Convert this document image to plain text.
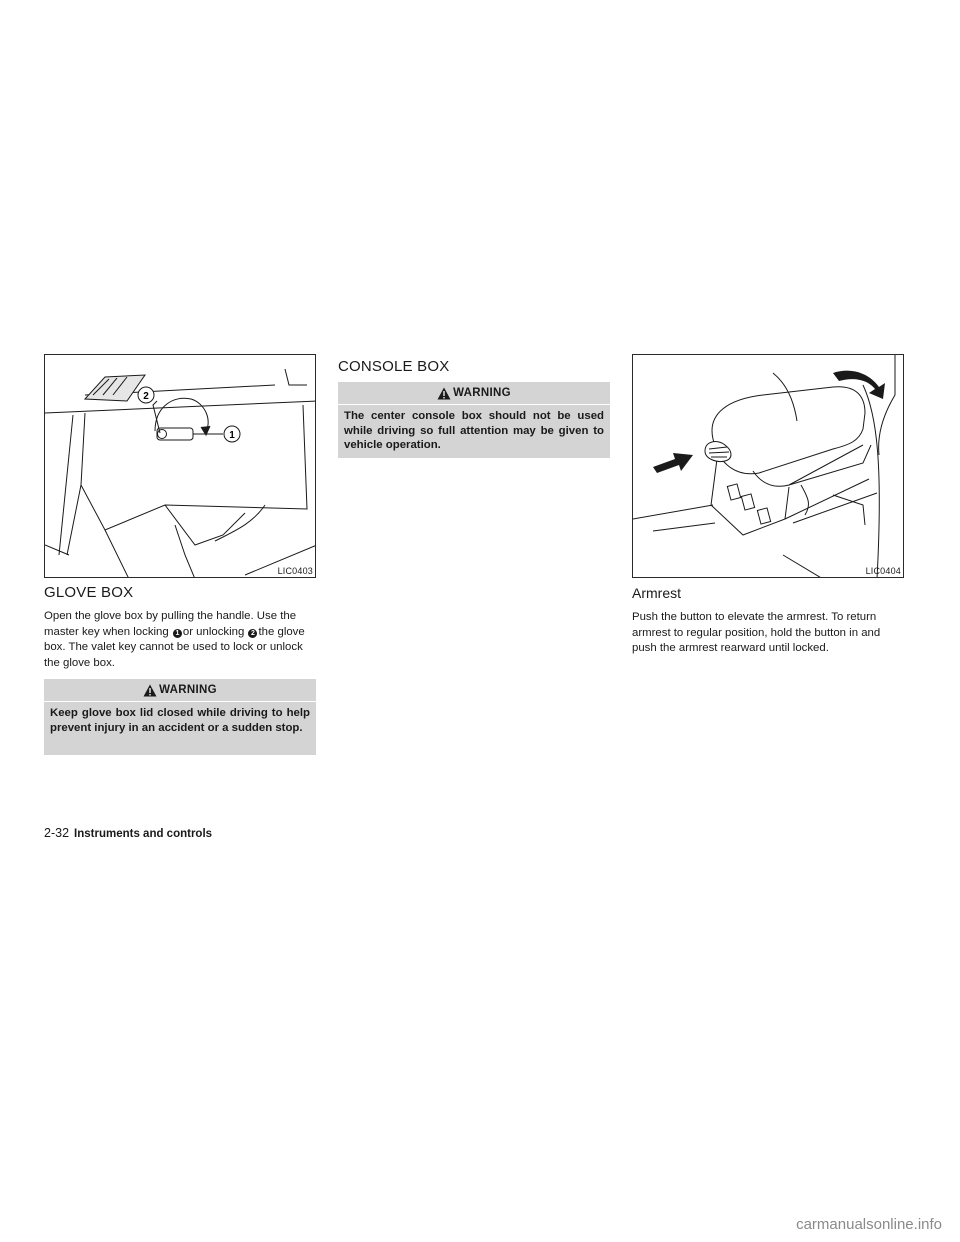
2
1
LIC0403
GLOVE BOX

Open the glove box by pulling the handle. Use the master key when locking 1 or unlocking 2 the glove box. The valet key cannot be used to lock or unlock the glove box.

WARNING
Keep glove box lid closed while driving to help prevent injury in an accident or a sudden stop.
CONSOLE BOX
WARNING
The center console box should not be used while driving so full attention may be given to vehicle operation.
LIC0404
Armrest

Push the button to elevate the armrest. To return armrest to regular position, hold the button in and push the armrest rearward until locked.

2-32 Instruments and controls
carmanualsonline.info
